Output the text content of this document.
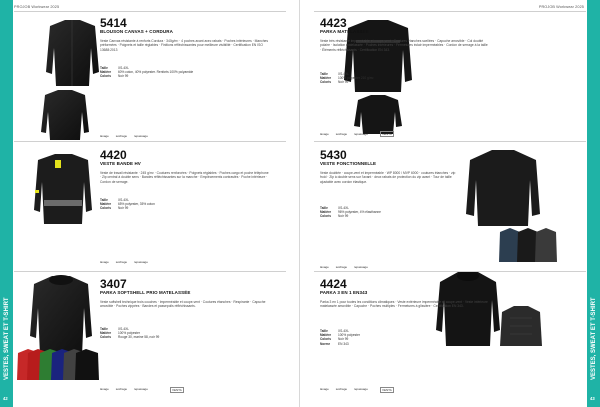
PROJOB Workwear 2025
VESTES, SWEAT ET T-SHIRT
42
PROJOB Workwear 2025
VESTES, SWEAT ET T-SHIRT
43
5414
BLOUSON CANVAS + CORDURA
Veste Canvas résistante à renforts Cordura · 340g/m² · 4 poches avant avec rabats · Poches intérieures · Manches préformées · Poignets et taille réglables · Finitions réfléchissantes pour meilleure visibilité · Certification EN ISO 13688:2013
Taille	XS-4XL
Matière 60% coton, 40% polyester. Renforts 100% polyamide
Coloris Noir 99
lavage séchage repassage
4420
VESTE BANDE HV
Veste de travail résistante · 245 g/m² · Coutures renforcées · Poignets réglables · Poches cargo et poche téléphone · Zip central à double sens · Bandes réfléchissantes sur la manche · Empiècements contrastés · Poche intérieure · Cordon de serrage.
Taille	XS-4XL
Matière 65% polyester, 35% coton
Coloris Noir 99
lavage séchage repassage
3407
PARKA SOFTSHELL PRIO MATELASSÉE
Veste softshell technique trois couches · Imperméable et coupe-vent · Coutures étanches · Respirante · Capuche amovible · Poches zippées · Bandes et passepoils réfléchissants.
Taille	XS-4XL
Matière 100% polyester
Coloris Rouge 30, marine 58, noir 99
lavage séchage repassage	VENTA
4423
PARKA MATELASSÉE
Veste très résistante imperméable et coupe-vent · Coutures étanches scellées · Capuche amovible · Col doublé polaire · Isolation matelassée · Poches intérieures · Fermetures éclair imperméables · Cordon de serrage à la taille · Éléments réfléchissants · Certification EN 343.
Taille	XS-4XL
Matière 100% polyester 210 g/m²
Coloris Noir 99
lavage séchage repassage	VENTA
5430
VESTE FONCTIONNELLE
Veste doublée · coupe-vent et imperméable · WP 8000 / MVP 6000 · coutures étanches · zip froid · Zip à double sens sur l’avant · deux rabats de protection du zip avant · Tour de taille ajustable avec cordon élastique.
Taille	XS-4XL
Matière 96% polyester, 4% élasthanne
Coloris Noir 99
lavage séchage repassage
4424
PARKA 3 EN 1 EN343
Parka 3 en 1 pour toutes les conditions climatiques · Veste extérieure imperméable et coupe-vent · Veste intérieure matelassée amovible · Capuche · Poches multiples · Fermetures à glissière · Certification EN 343.
Taille	XS-4XL
Matière 100% polyester
Coloris Noir 99
Norme EN 343
lavage séchage repassage	VENTA
